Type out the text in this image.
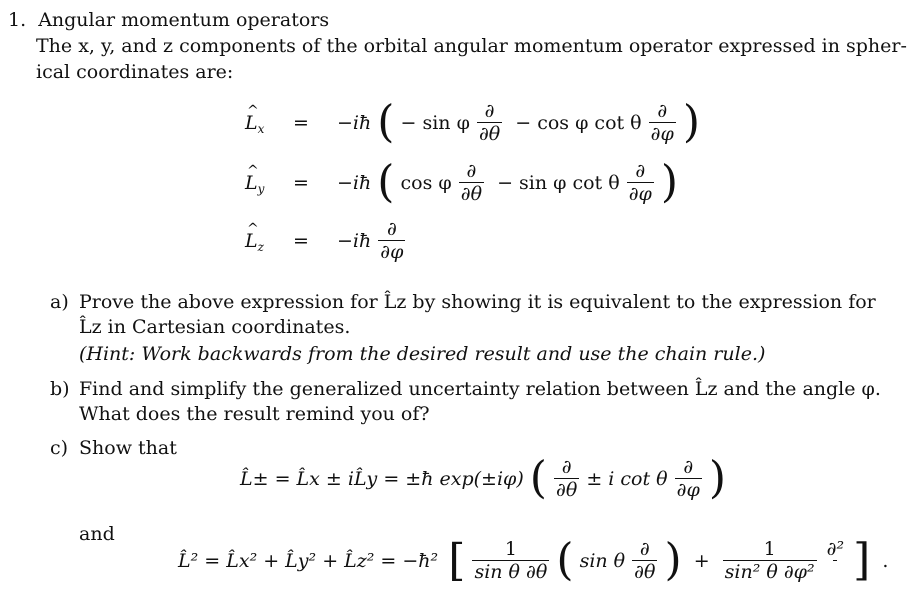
1. Angular momentum operators
The x, y, and z components of the orbital angular momentum operator expressed in spher-
ical coordinates are:
^ $L_x$ = −iħ ( − sin φ $\frac{\partial}{\partial\theta} - \cos \varphi$ cot θ $\frac{\partial}{\partial\varphi}$ )
^ $L_y$ = −iħ ( cos φ $\frac{\partial}{\partial\theta} - \sin \varphi$ cot θ $\frac{\partial}{\partial\varphi}$ )
^ $L_z$ = −iħ $\frac{\partial}{\partial\varphi}$
a) Prove the above expression for L̂z by showing it is equivalent to the expression for
L̂z in Cartesian coordinates.
(Hint: Work backwards from the desired result and use the chain rule.)
b) Find and simplify the generalized uncertainty relation between L̂z and the angle φ.
What does the result remind you of?
c) Show that
L̂± = L̂x ± iL̂y = ±ħ exp(±iφ) ( $\frac{\partial}{\partial\theta} \pm i$ cot θ $\frac{\partial}{\partial\varphi}$ )
and
L̂² = L̂x² + L̂y² + L̂z² = −ħ² [ $\frac{1}{\text{sin θ ∂θ}}$ ( sin θ $\frac{\partial}{\partial\theta}$ ) + $\frac{1}{\text{sin² θ ∂φ²}}$
∂² ] .
